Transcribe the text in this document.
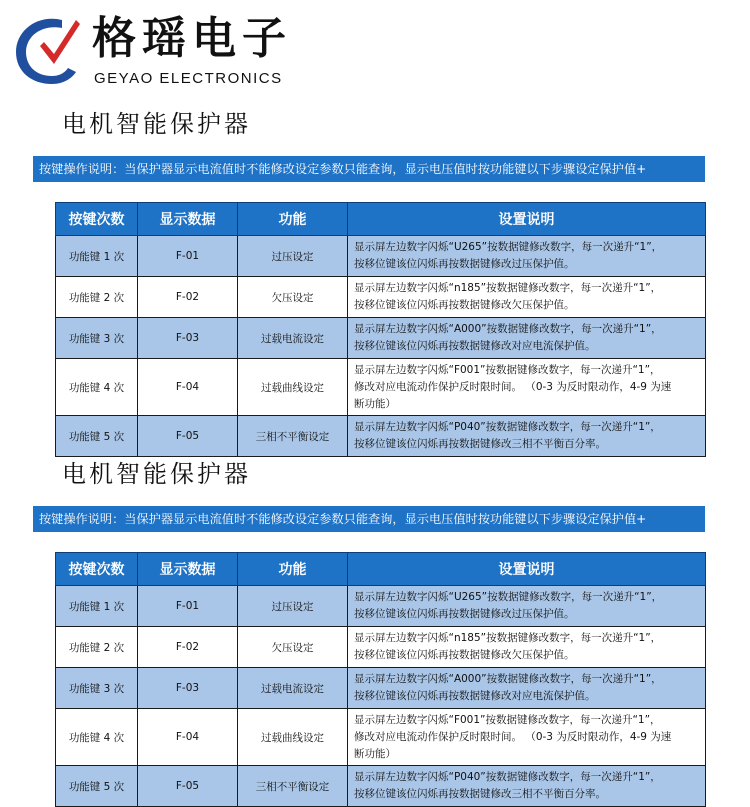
格瑶电子
GEYAO ELECTRONICS
电机智能保护器
按键操作说明：当保护器显示电流值时不能修改设定参数只能查询，显示电压值时按功能键以下步骤设定保护值+
按键次数	显示数据	功能	设置说明
功能键 1 次	F-01	过压设定	显示屏左边数字闪烁“U265”按数据键修改数字，每一次递升“1”，
按移位键该位闪烁再按数据键修改过压保护值。

功能键 2 次	F-02	欠压设定	显示屏左边数字闪烁“n185”按数据键修改数字，每一次递升“1”，
按移位键该位闪烁再按数据键修改欠压保护值。

功能键 3 次	F-03	过载电流设定	显示屏左边数字闪烁“A000”按数据键修改数字，每一次递升“1”，
按移位键该位闪烁再按数据键修改对应电流保护值。

功能键 4 次	F-04	过载曲线设定	显示屏左边数字闪烁“F001”按数据键修改数字，每一次递升“1”，
修改对应电流动作保护反时限时间。 （0-3 为反时限动作，4-9 为速
断功能）

功能键 5 次	F-05	三相不平衡设定	显示屏左边数字闪烁“P040”按数据键修改数字，每一次递升“1”，
按移位键该位闪烁再按数据键修改三相不平衡百分率。
电机智能保护器
按键操作说明：当保护器显示电流值时不能修改设定参数只能查询，显示电压值时按功能键以下步骤设定保护值+
按键次数	显示数据	功能	设置说明
功能键 1 次	F-01	过压设定	显示屏左边数字闪烁“U265”按数据键修改数字，每一次递升“1”，
按移位键该位闪烁再按数据键修改过压保护值。

功能键 2 次	F-02	欠压设定	显示屏左边数字闪烁“n185”按数据键修改数字，每一次递升“1”，
按移位键该位闪烁再按数据键修改欠压保护值。

功能键 3 次	F-03	过载电流设定	显示屏左边数字闪烁“A000”按数据键修改数字，每一次递升“1”，
按移位键该位闪烁再按数据键修改对应电流保护值。

功能键 4 次	F-04	过载曲线设定	显示屏左边数字闪烁“F001”按数据键修改数字，每一次递升“1”，
修改对应电流动作保护反时限时间。 （0-3 为反时限动作，4-9 为速
断功能）

功能键 5 次	F-05	三相不平衡设定	显示屏左边数字闪烁“P040”按数据键修改数字，每一次递升“1”，
按移位键该位闪烁再按数据键修改三相不平衡百分率。
